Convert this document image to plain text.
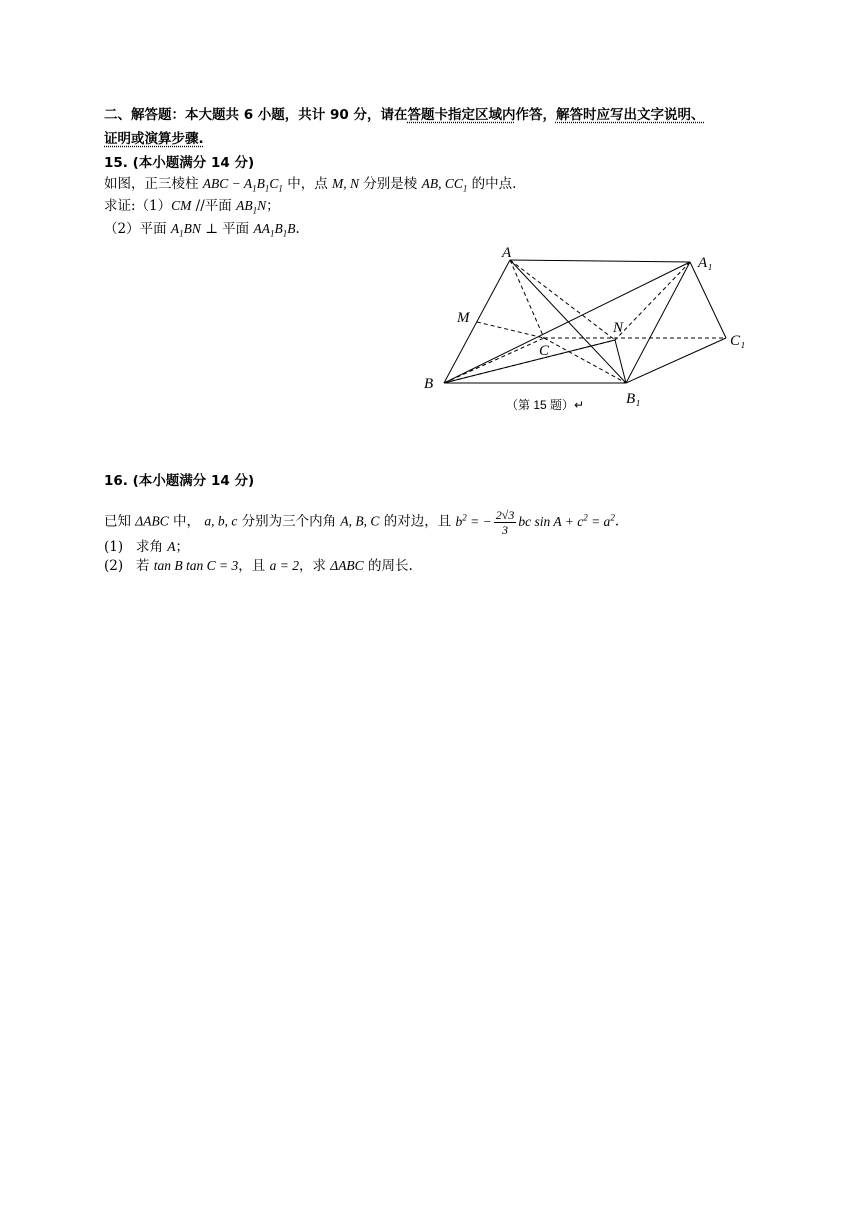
二、解答题：本大题共 6 小题，共计 90 分，请在答题卡指定区域内作答，解答时应写出文字说明、
证明或演算步骤.
15. (本小题满分 14 分)
如图，正三棱柱 ABC − $A_1B_1C_1$ 中，点 M, N 分别是棱 AB, $CC_1$ 的中点.
求证:（1）CM //平面 $AB_1N$；
（2）平面 $A_1BN$ ⊥ 平面 $AA_1B_1B$.
A
A₁
M
N
C
C₁
B
B₁
（第 15 题）↵
16. (本小题满分 14 分)
已知 ΔABC 中， a, b, c 分别为三个内角 A, B, C 的对边，且 $b^2$ = − $\frac{2√3}{3}$ bc $\sin A + c^2 = a^2$.
(1) 求角 A；
(2) 若 tan B tan C = 3，且 a = 2，求 ΔABC 的周长.
